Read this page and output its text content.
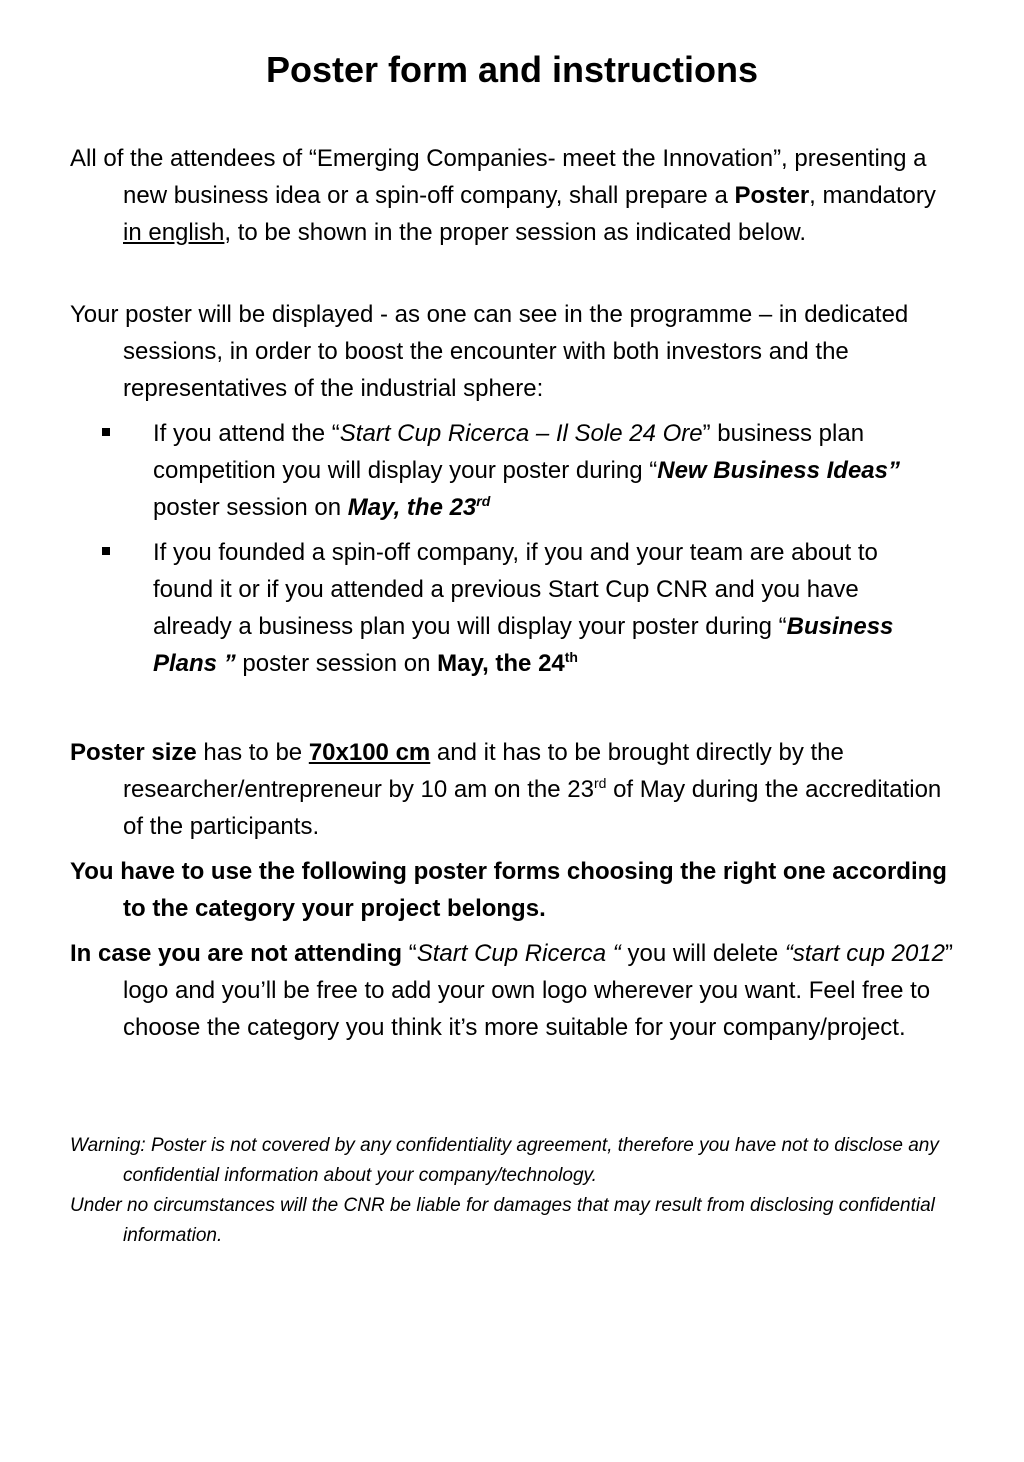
Poster form and instructions

All of the attendees of “Emerging Companies- meet the Innovation”, presenting a new business idea or a spin-off company, shall prepare a Poster, mandatory in english, to be shown in the proper session as indicated below.

Your poster will be displayed - as one can see in the programme – in dedicated sessions, in order to boost the encounter with both investors and the representatives of the industrial sphere:

If you attend the “Start Cup Ricerca – Il Sole 24 Ore” business plan competition you will display your poster during “New Business Ideas” poster session on May, the 23rd

If you founded a spin-off company, if you and your team are about to found it or if you attended a previous Start Cup CNR and you have already a business plan you will display your poster during “Business Plans ” poster session on May, the 24th

Poster size has to be 70x100 cm and it has to be brought directly by the researcher/entrepreneur by 10 am on the 23rd of May during the accreditation of the participants.

You have to use the following poster forms choosing the right one according to the category your project belongs.

In case you are not attending “Start Cup Ricerca “ you will delete “start cup 2012” logo and you’ll be free to add your own logo wherever you want. Feel free to choose the category you think it’s more suitable for your company/project.

Warning: Poster is not covered by any confidentiality agreement, therefore you have not to disclose any confidential information about your company/technology.

Under no circumstances will the CNR be liable for damages that may result from disclosing confidential information.
